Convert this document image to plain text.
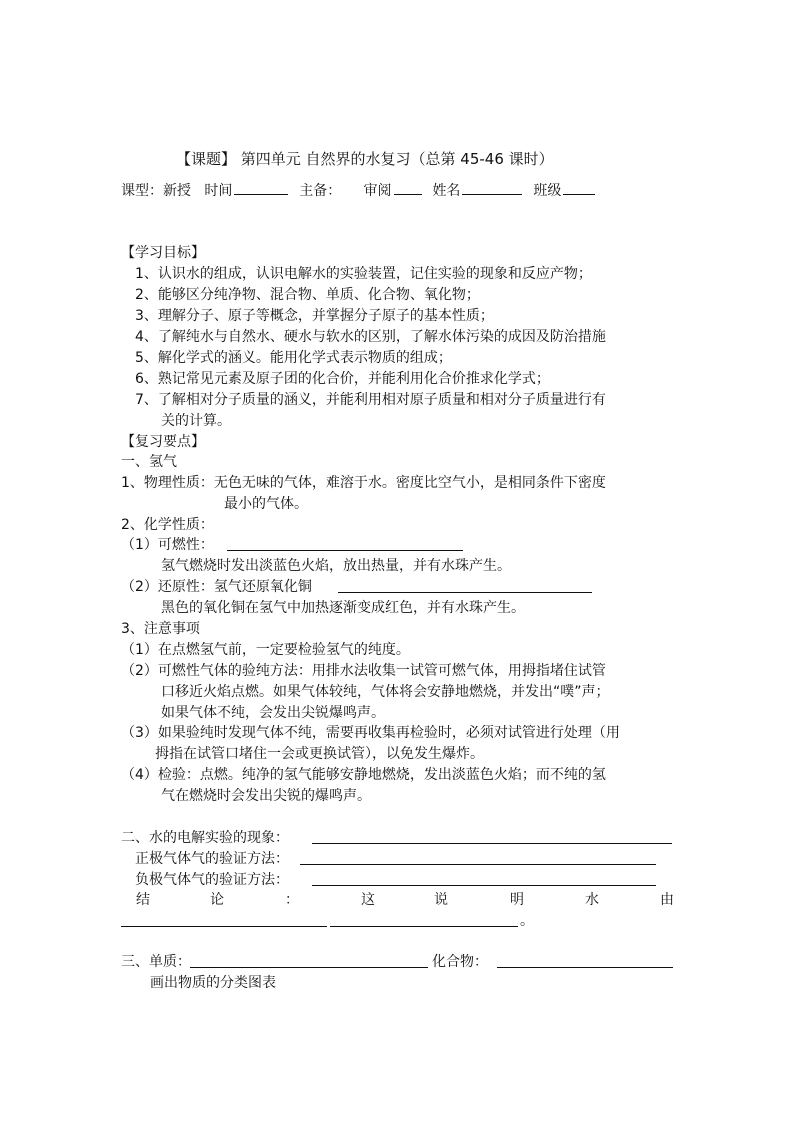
【课题】 第四单元 自然界的水复习（总第 45-46 课时）
课型：新授 时间	主备： 审阅	姓名	班级
【学习目标】
1、认识水的组成，认识电解水的实验装置，记住实验的现象和反应产物；
2、能够区分纯净物、混合物、单质、化合物、氧化物；
3、理解分子、原子等概念，并掌握分子原子的基本性质；
4、了解纯水与自然水、硬水与软水的区别，了解水体污染的成因及防治措施
5、解化学式的涵义。能用化学式表示物质的组成；
6、熟记常见元素及原子团的化合价，并能利用化合价推求化学式；
7、了解相对分子质量的涵义，并能利用相对原子质量和相对分子质量进行有
关的计算。
【复习要点】
一、氢气
1、物理性质：无色无味的气体，难溶于水。密度比空气小，是相同条件下密度
最小的气体。
2、化学性质：
（1）可燃性：
氢气燃烧时发出淡蓝色火焰，放出热量，并有水珠产生。
（2）还原性：氢气还原氧化铜
黑色的氧化铜在氢气中加热逐渐变成红色，并有水珠产生。
3、注意事项
（1）在点燃氢气前，一定要检验氢气的纯度。
（2）可燃性气体的验纯方法：用排水法收集一试管可燃气体，用拇指堵住试管
口移近火焰点燃。如果气体较纯，气体将会安静地燃烧，并发出“噗”声；
如果气体不纯，会发出尖锐爆鸣声。
（3）如果验纯时发现气体不纯，需要再收集再检验时，必须对试管进行处理（用
拇指在试管口堵住一会或更换试管），以免发生爆炸。
（4）检验：点燃。纯净的氢气能够安静地燃烧，发出淡蓝色火焰；而不纯的氢
气在燃烧时会发出尖锐的爆鸣声。
二、水的电解实验的现象：
正极气体气的验证方法：
负极气体气的验证方法：
结	论	：	这	说	明	水	由
。
三、单质：	化合物：
画出物质的分类图表
